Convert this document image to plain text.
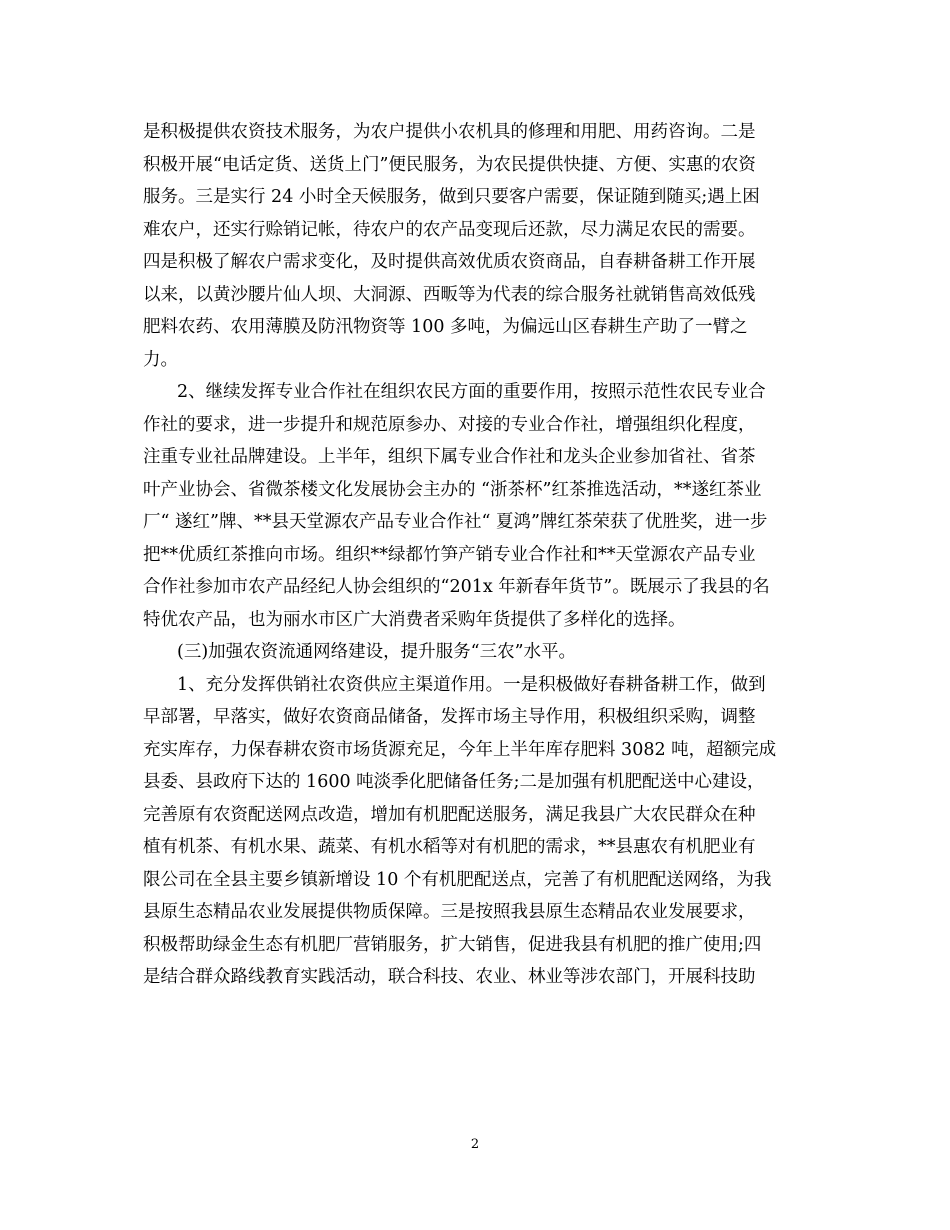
是积极提供农资技术服务，为农户提供小农机具的修理和用肥、用药咨询。二是
积极开展“电话定货、送货上门”便民服务，为农民提供快捷、方便、实惠的农资
服务。三是实行 24 小时全天候服务，做到只要客户需要，保证随到随买;遇上困
难农户，还实行赊销记帐，待农户的农产品变现后还款，尽力满足农民的需要。
四是积极了解农户需求变化，及时提供高效优质农资商品，自春耕备耕工作开展
以来，以黄沙腰片仙人坝、大洞源、西畈等为代表的综合服务社就销售高效低残
肥料农药、农用薄膜及防汛物资等 100 多吨，为偏远山区春耕生产助了一臂之
力。
2、继续发挥专业合作社在组织农民方面的重要作用，按照示范性农民专业合
作社的要求，进一步提升和规范原参办、对接的专业合作社，增强组织化程度，
注重专业社品牌建设。上半年，组织下属专业合作社和龙头企业参加省社、省茶
叶产业协会、省微茶楼文化发展协会主办的 “浙茶杯”红茶推选活动，**遂红茶业
厂“ 遂红”牌、**县天堂源农产品专业合作社“ 夏鸿”牌红茶荣获了优胜奖，进一步
把**优质红茶推向市场。组织**绿都竹笋产销专业合作社和**天堂源农产品专业
合作社参加市农产品经纪人协会组织的“201x 年新春年货节”。既展示了我县的名
特优农产品，也为丽水市区广大消费者采购年货提供了多样化的选择。
(三)加强农资流通网络建设，提升服务“三农”水平。
1、充分发挥供销社农资供应主渠道作用。一是积极做好春耕备耕工作，做到
早部署，早落实，做好农资商品储备，发挥市场主导作用，积极组织采购，调整
充实库存，力保春耕农资市场货源充足，今年上半年库存肥料 3082 吨，超额完成
县委、县政府下达的 1600 吨淡季化肥储备任务;二是加强有机肥配送中心建设，
完善原有农资配送网点改造，增加有机肥配送服务，满足我县广大农民群众在种
植有机茶、有机水果、蔬菜、有机水稻等对有机肥的需求，**县惠农有机肥业有
限公司在全县主要乡镇新增设 10 个有机肥配送点，完善了有机肥配送网络，为我
县原生态精品农业发展提供物质保障。三是按照我县原生态精品农业发展要求，
积极帮助绿金生态有机肥厂营销服务，扩大销售，促进我县有机肥的推广使用;四
是结合群众路线教育实践活动，联合科技、农业、林业等涉农部门，开展科技助
2
